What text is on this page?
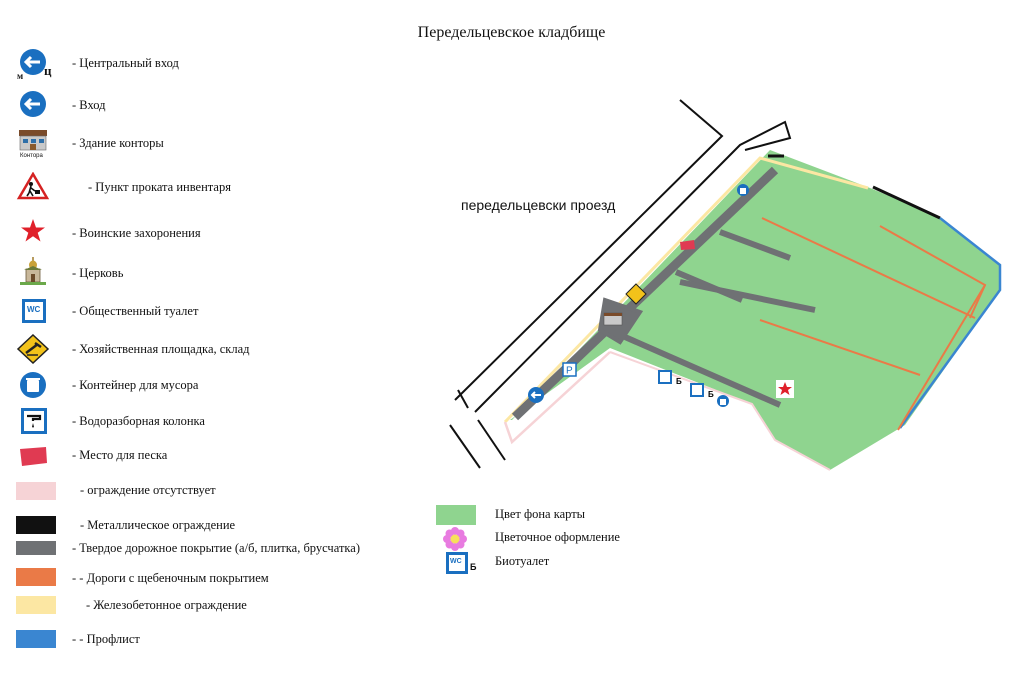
Передельцевское кладбище
м ц - Центральный вход
- Вход
Контора
- Здание конторы
- Пункт проката инвентаря
- Воинские захоронения
- Церковь
WC	- Общественный туалет
- Хозяйственная площадка, склад
- Контейнер для мусора
- Водоразборная колонка
- Место для песка
- ограждение отсутствует
- Металлическое ограждение
- Твердое дорожное покрытие (а/б, плитка, брусчатка)
- - Дороги с щебеночным покрытием
- Железобетонное ограждение
- - Профлист
передельцевски проезд
P
Б
Б
Цвет фона карты
Цветочное оформление
WC
Б Биотуалет
